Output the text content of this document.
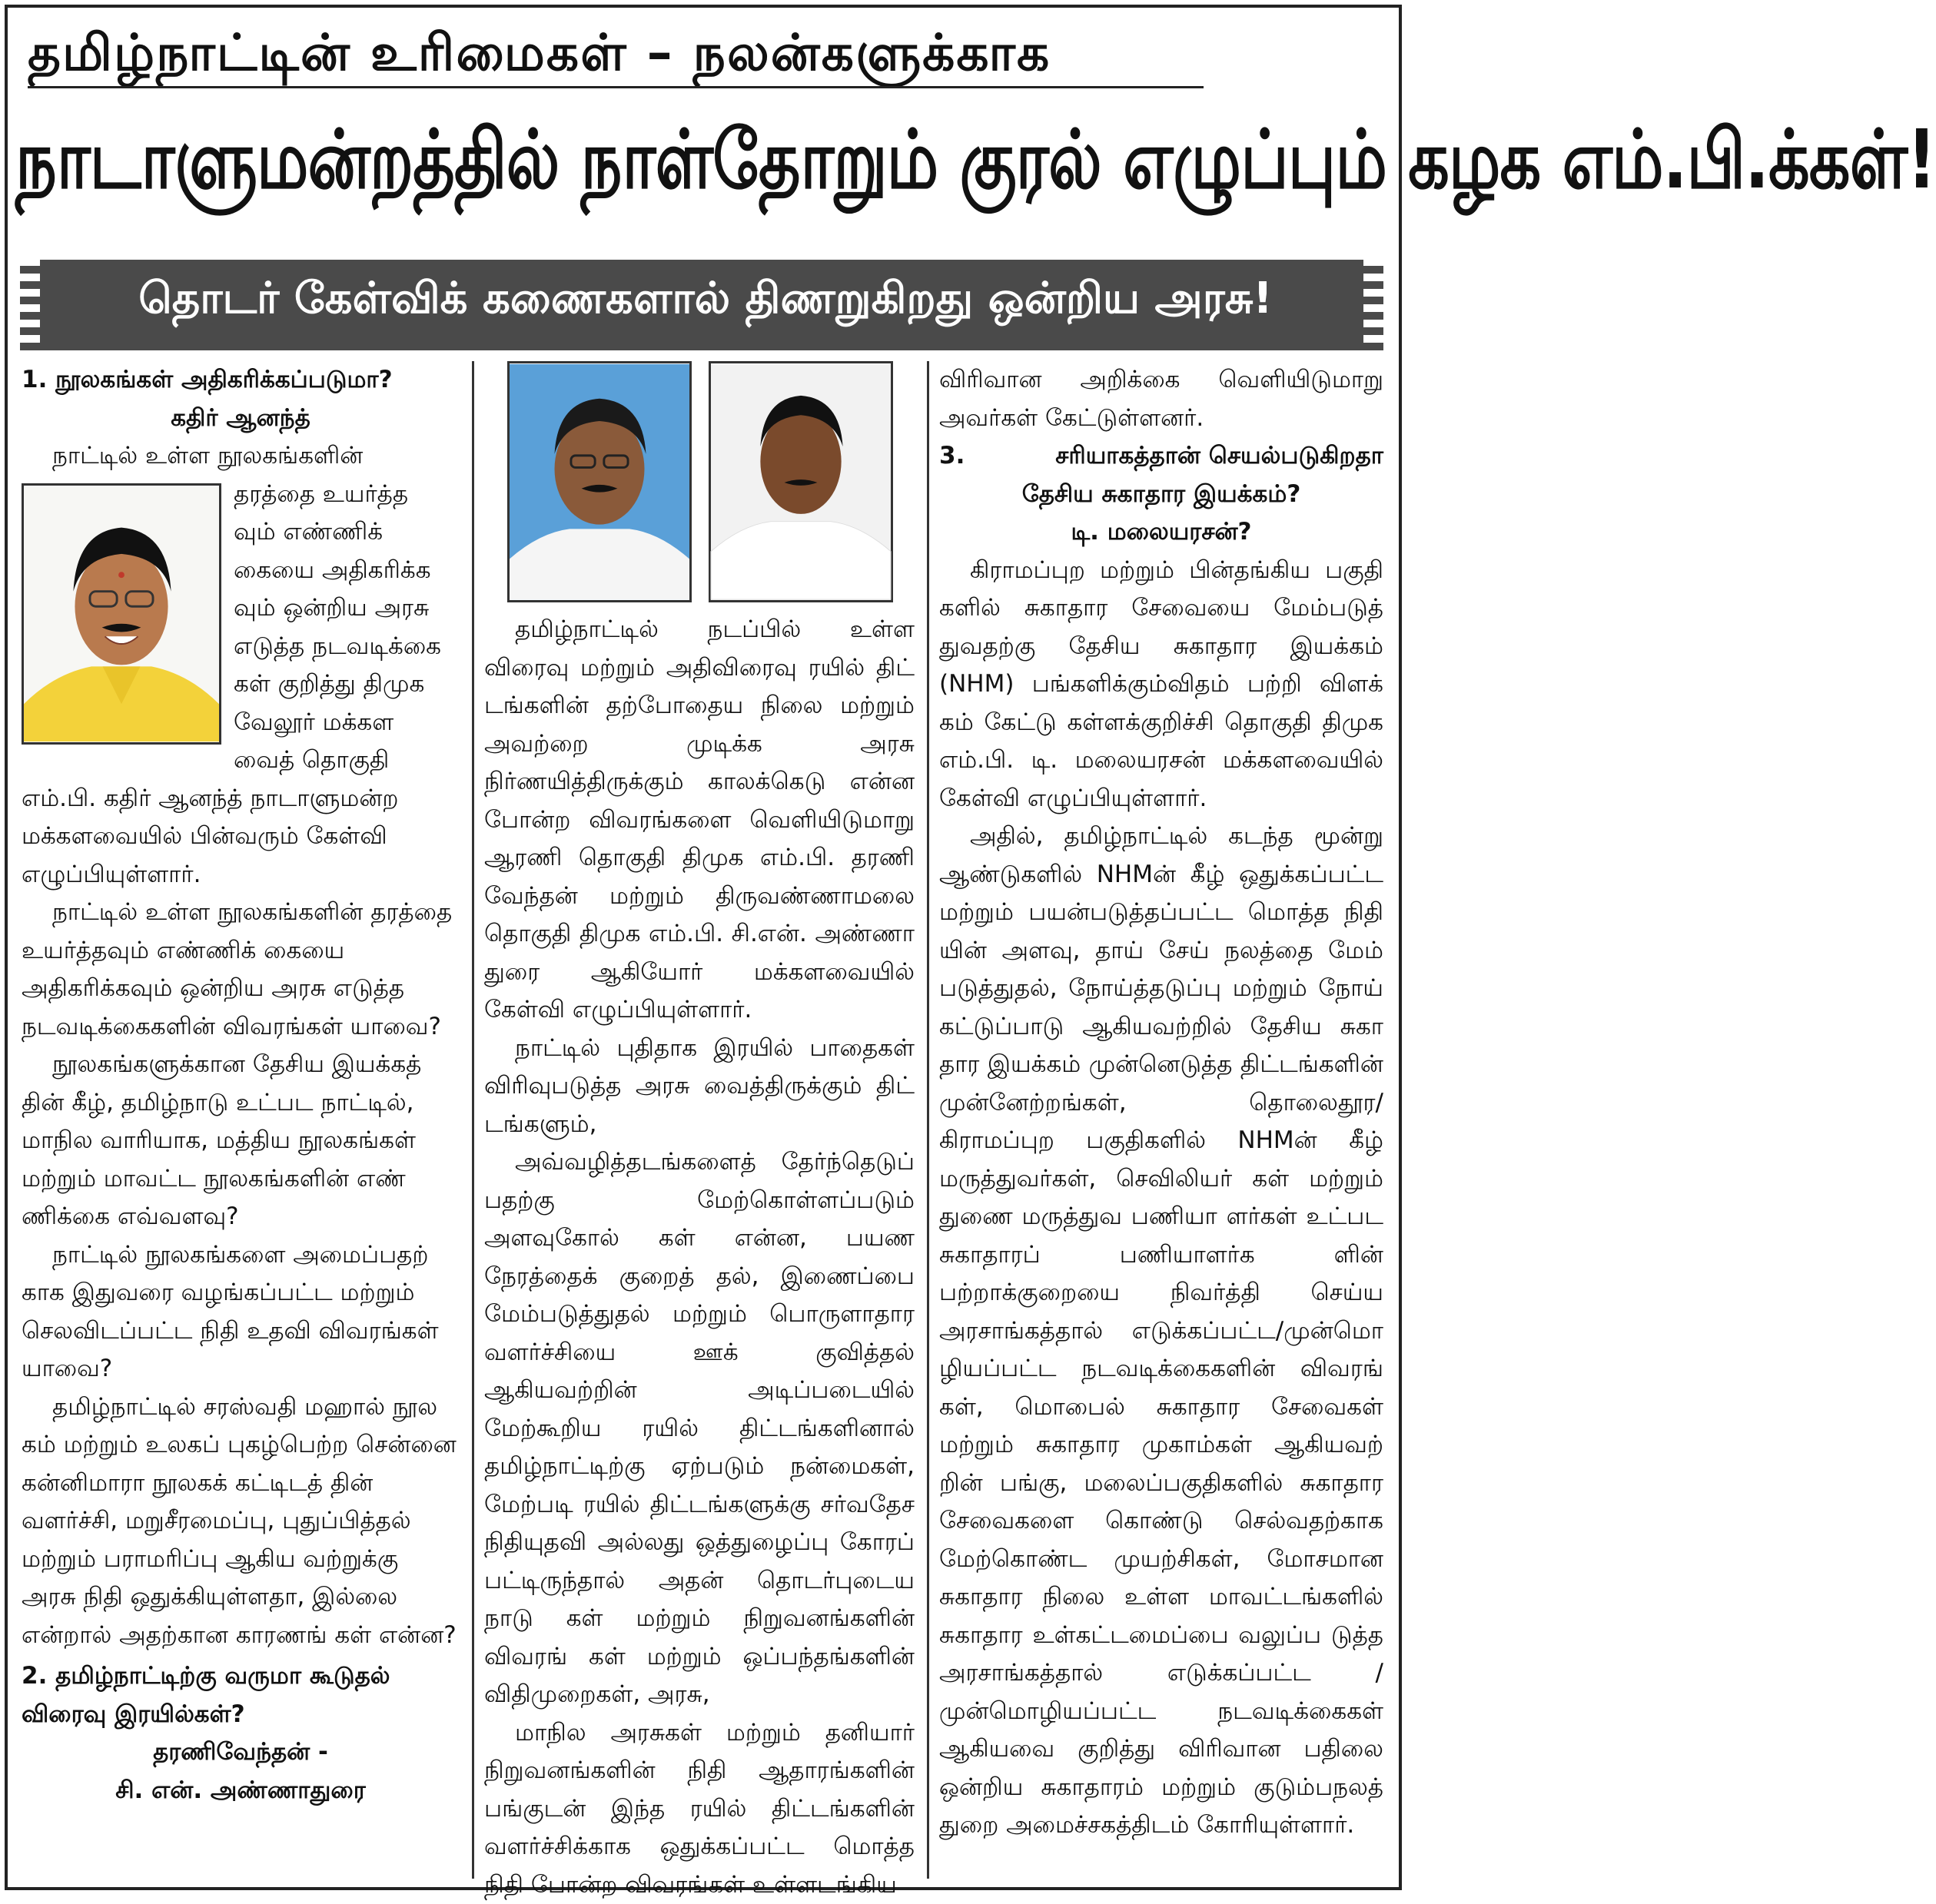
தமிழ்நாட்டின் உரிமைகள் – நலன்களுக்காக
நாடாளுமன்றத்தில் நாள்தோறும் குரல் எழுப்பும் கழக எம்.பி.க்கள்!
தொடர் கேள்விக் கணைகளால் திணறுகிறது ஒன்றிய அரசு!

1. நூலகங்கள் அதிகரிக்கப்படுமா?

கதிர் ஆனந்த்

நாட்டில் உள்ள நூலகங்களின்

தரத்தை உயர்த்த

வும் எண்ணிக்

கையை அதிகரிக்க

வும் ஒன்றிய அரசு

எடுத்த நடவடிக்கை

கள் குறித்து திமுக

வேலூர் மக்கள

வைத் தொகுதி

எம்.பி. கதிர் ஆனந்த் நாடாளுமன்ற மக்களவையில் பின்வரும் கேள்வி எழுப்பியுள்ளார்.

நாட்டில் உள்ள நூலகங்களின் தரத்தை உயர்த்தவும் எண்ணிக் கையை அதிகரிக்கவும் ஒன்றிய அரசு எடுத்த நடவடிக்கைகளின் விவரங்கள் யாவை?

நூலகங்களுக்கான தேசிய இயக்கத் தின் கீழ், தமிழ்நாடு உட்பட நாட்டில், மாநில வாரியாக, மத்திய நூலகங்கள் மற்றும் மாவட்ட நூலகங்களின் எண் ணிக்கை எவ்வளவு?

நாட்டில் நூலகங்களை அமைப்பதற் காக இதுவரை வழங்கப்பட்ட மற்றும் செலவிடப்பட்ட நிதி உதவி விவரங்கள் யாவை?

தமிழ்நாட்டில் சரஸ்வதி மஹால் நூல கம் மற்றும் உலகப் புகழ்பெற்ற சென்னை கன்னிமாரா நூலகக் கட்டிடத் தின் வளர்ச்சி, மறுசீரமைப்பு, புதுப்பித்தல் மற்றும் பராமரிப்பு ஆகிய வற்றுக்கு அரசு நிதி ஒதுக்கியுள்ளதா, இல்லை என்றால் அதற்கான காரணங் கள் என்ன?

2. தமிழ்நாட்டிற்கு வருமா கூடுதல் விரைவு இரயில்கள்?

தரணிவேந்தன் -

சி. என். அண்ணாதுரை

தமிழ்நாட்டில் நடப்பில் உள்ள விரைவு மற்றும் அதிவிரைவு ரயில் திட் டங்களின் தற்போதைய நிலை மற்றும் அவற்றை முடிக்க அரசு நிர்ணயித்திருக்கும் காலக்கெடு என்ன போன்ற விவரங்களை வெளியிடுமாறு ஆரணி தொகுதி திமுக எம்.பி. தரணி வேந்தன் மற்றும் திருவண்ணாமலை தொகுதி திமுக எம்.பி. சி.என். அண்ணா துரை ஆகியோர் மக்களவையில் கேள்வி எழுப்பியுள்ளார்.

நாட்டில் புதிதாக இரயில் பாதைகள் விரிவுபடுத்த அரசு வைத்திருக்கும் திட் டங்களும்,

அவ்வழித்தடங்களைத் தேர்ந்தெடுப் பதற்கு மேற்கொள்ளப்படும் அளவுகோல் கள் என்ன, பயண நேரத்தைக் குறைத் தல், இணைப்பை மேம்படுத்துதல் மற்றும் பொருளாதார வளர்ச்சியை ஊக் குவித்தல் ஆகியவற்றின் அடிப்படையில் மேற்கூறிய ரயில் திட்டங்களினால் தமிழ்நாட்டிற்கு ஏற்படும் நன்மைகள், மேற்படி ரயில் திட்டங்களுக்கு சர்வதேச நிதியுதவி அல்லது ஒத்துழைப்பு கோரப் பட்டிருந்தால் அதன் தொடர்புடைய நாடு கள் மற்றும் நிறுவனங்களின் விவரங் கள் மற்றும் ஒப்பந்தங்களின் விதிமுறைகள், அரசு,

மாநில அரசுகள் மற்றும் தனியார் நிறுவனங்களின் நிதி ஆதாரங்களின் பங்குடன் இந்த ரயில் திட்டங்களின் வளர்ச்சிக்காக ஒதுக்கப்பட்ட மொத்த நிதி போன்ற விவரங்கள் உள்ளடங்கிய

விரிவான அறிக்கை வெளியிடுமாறு அவர்கள் கேட்டுள்ளனர்.

3.	சரியாகத்தான் செயல்படுகிறதா

தேசிய சுகாதார இயக்கம்?

டி. மலையரசன்?

கிராமப்புற மற்றும் பின்தங்கிய பகுதி களில் சுகாதார சேவையை மேம்படுத் துவதற்கு தேசிய சுகாதார இயக்கம் (NHM) பங்களிக்கும்விதம் பற்றி விளக் கம் கேட்டு கள்ளக்குறிச்சி தொகுதி திமுக எம்.பி. டி. மலையரசன் மக்களவையில் கேள்வி எழுப்பியுள்ளார்.

அதில், தமிழ்நாட்டில் கடந்த மூன்று ஆண்டுகளில் NHMன் கீழ் ஒதுக்கப்பட்ட மற்றும் பயன்படுத்தப்பட்ட மொத்த நிதி யின் அளவு, தாய் சேய் நலத்தை மேம் படுத்துதல், நோய்த்தடுப்பு மற்றும் நோய் கட்டுப்பாடு ஆகியவற்றில் தேசிய சுகா தார இயக்கம் முன்னெடுத்த திட்டங்களின் முன்னேற்றங்கள், தொலைதூர/ கிராமப்புற பகுதிகளில் NHMன் கீழ் மருத்துவர்கள், செவிலியர் கள் மற்றும் துணை மருத்துவ பணியா ளர்கள் உட்பட சுகாதாரப் பணியாளர்க ளின் பற்றாக்குறையை நிவர்த்தி செய்ய அரசாங்கத்தால் எடுக்கப்பட்ட/முன்மொ ழியப்பட்ட நடவடிக்கைகளின் விவரங் கள், மொபைல் சுகாதார சேவைகள் மற்றும் சுகாதார முகாம்கள் ஆகியவற் றின் பங்கு, மலைப்பகுதிகளில் சுகாதார சேவைகளை கொண்டு செல்வதற்காக மேற்கொண்ட முயற்சிகள், மோசமான சுகாதார நிலை உள்ள மாவட்டங்களில் சுகாதார உள்கட்டமைப்பை வலுப்ப டுத்த அரசாங்கத்தால் எடுக்கப்பட்ட / முன்மொழியப்பட்ட நடவடிக்கைகள் ஆகியவை குறித்து விரிவான பதிலை ஒன்றிய சுகாதாரம் மற்றும் குடும்பநலத் துறை அமைச்சகத்திடம் கோரியுள்ளார்.
